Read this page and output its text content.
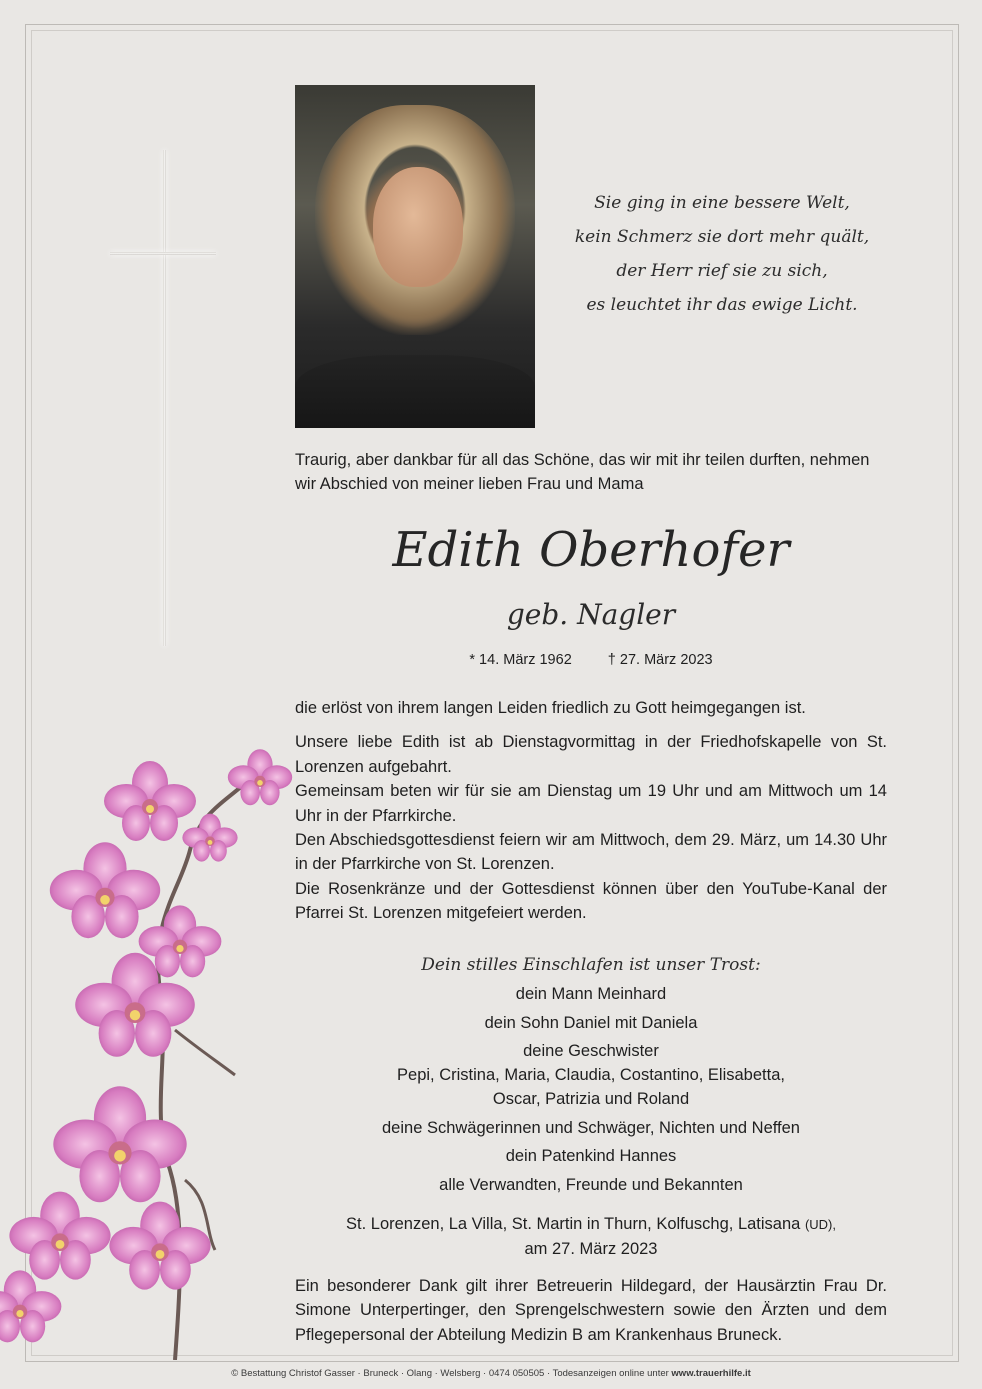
Sie ging in eine bessere Welt,
kein Schmerz sie dort mehr quält,
der Herr rief sie zu sich,
es leuchtet ihr das ewige Licht.
Traurig, aber dankbar für all das Schöne, das wir mit ihr teilen durften, nehmen wir Abschied von meiner lieben Frau und Mama
Edith Oberhofer
geb. Nagler
* 14. März 1962 † 27. März 2023

die erlöst von ihrem langen Leiden friedlich zu Gott heimgegangen ist.

Unsere liebe Edith ist ab Dienstagvormittag in der Friedhofskapelle von St. Lorenzen aufgebahrt.

Gemeinsam beten wir für sie am Dienstag um 19 Uhr und am Mittwoch um 14 Uhr in der Pfarrkirche.

Den Abschiedsgottesdienst feiern wir am Mittwoch, dem 29. März, um 14.30 Uhr in der Pfarrkirche von St. Lorenzen.

Die Rosenkränze und der Gottesdienst können über den YouTube-Kanal der Pfarrei St. Lorenzen mitgefeiert werden.

Dein stilles Einschlafen ist unser Trost:
dein Mann Meinhard
dein Sohn Daniel mit Daniela
deine Geschwister
Pepi, Cristina, Maria, Claudia, Costantino, Elisabetta,
Oscar, Patrizia und Roland
deine Schwägerinnen und Schwäger, Nichten und Neffen
dein Patenkind Hannes
alle Verwandten, Freunde und Bekannten
St. Lorenzen, La Villa, St. Martin in Thurn, Kolfuschg, Latisana (UD),
am 27. März 2023
Ein besonderer Dank gilt ihrer Betreuerin Hildegard, der Hausärztin Frau Dr. Simone Unterpertinger, den Sprengelschwestern sowie den Ärzten und dem Pflegepersonal der Abteilung Medizin B am Krankenhaus Bruneck.
© Bestattung Christof Gasser · Bruneck · Olang · Welsberg · 0474 050505 · Todesanzeigen online unter www.trauerhilfe.it
